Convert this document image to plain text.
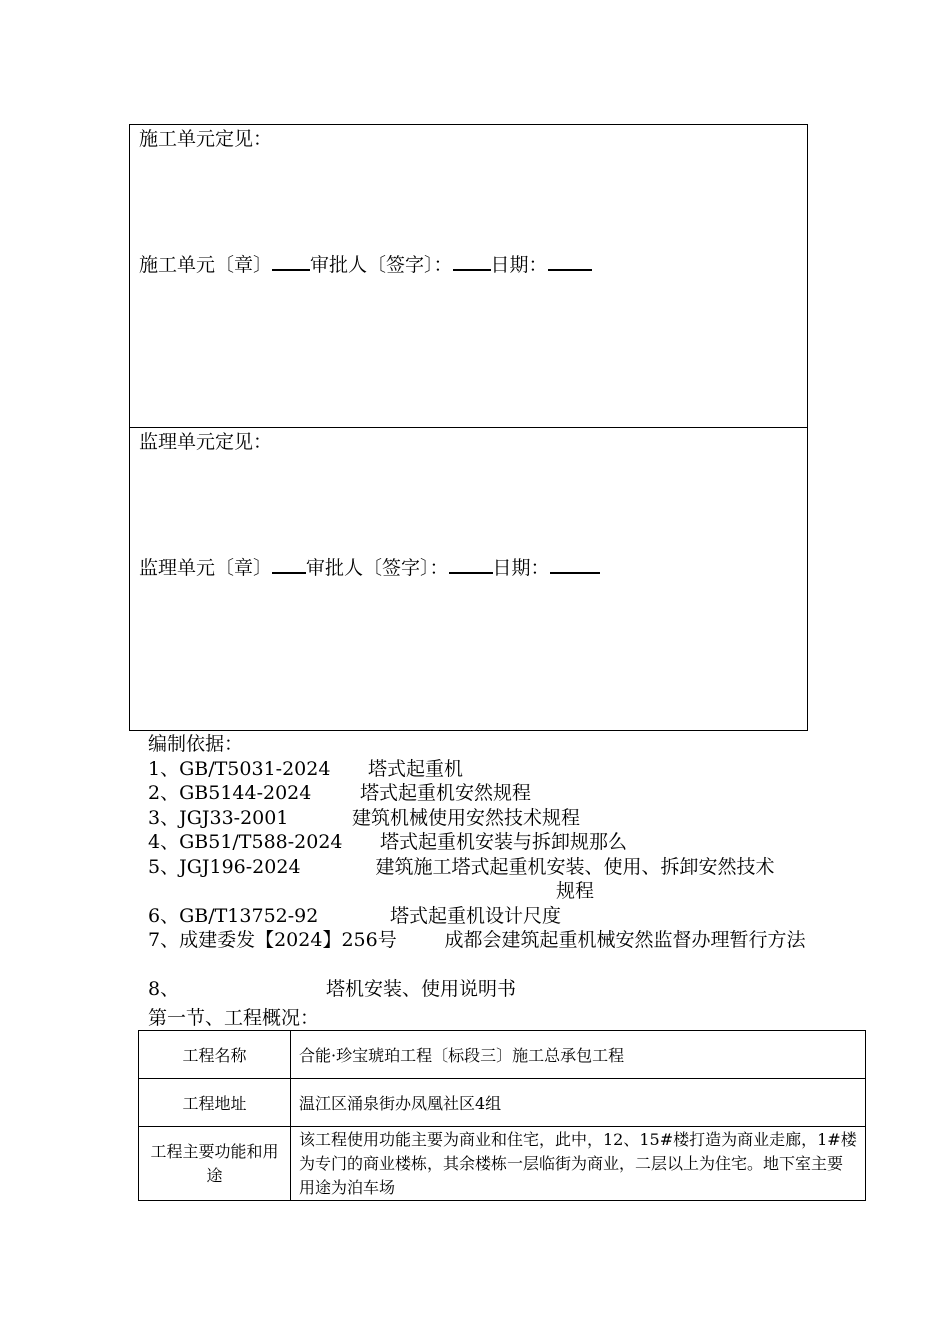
施工单元定见：
施工单元〔章〕 审批人〔签字〕： 日期：
监理单元定见：
监理单元〔章〕 审批人〔签字〕： 日期：
编制依据：
1、GB/T5031-2024 塔式起重机
2、GB5144-2024	塔式起重机安然规程
3、JGJ33-2001	建筑机械使用安然技术规程
4、GB51/T588-2024 塔式起重机安装与拆卸规那么
5、JGJ196-2024	建筑施工塔式起重机安装、使用、拆卸安然技术规程
6、GB/T13752-92	塔式起重机设计尺度
7、成建委发【2024】256号	成都会建筑起重机械安然监督办理暂行方法
8、	塔机安装、使用说明书
第一节、工程概况：
工程名称	合能·珍宝琥珀工程〔标段三〕施工总承包工程
工程地址	温江区涌泉街办凤凰社区4组
工程主要功能和用途	该工程使用功能主要为商业和住宅，此中，12、15#楼打造为商业走廊，1#楼为专门的商业楼栋，其余楼栋一层临街为商业，二层以上为住宅。地下室主要用途为泊车场
